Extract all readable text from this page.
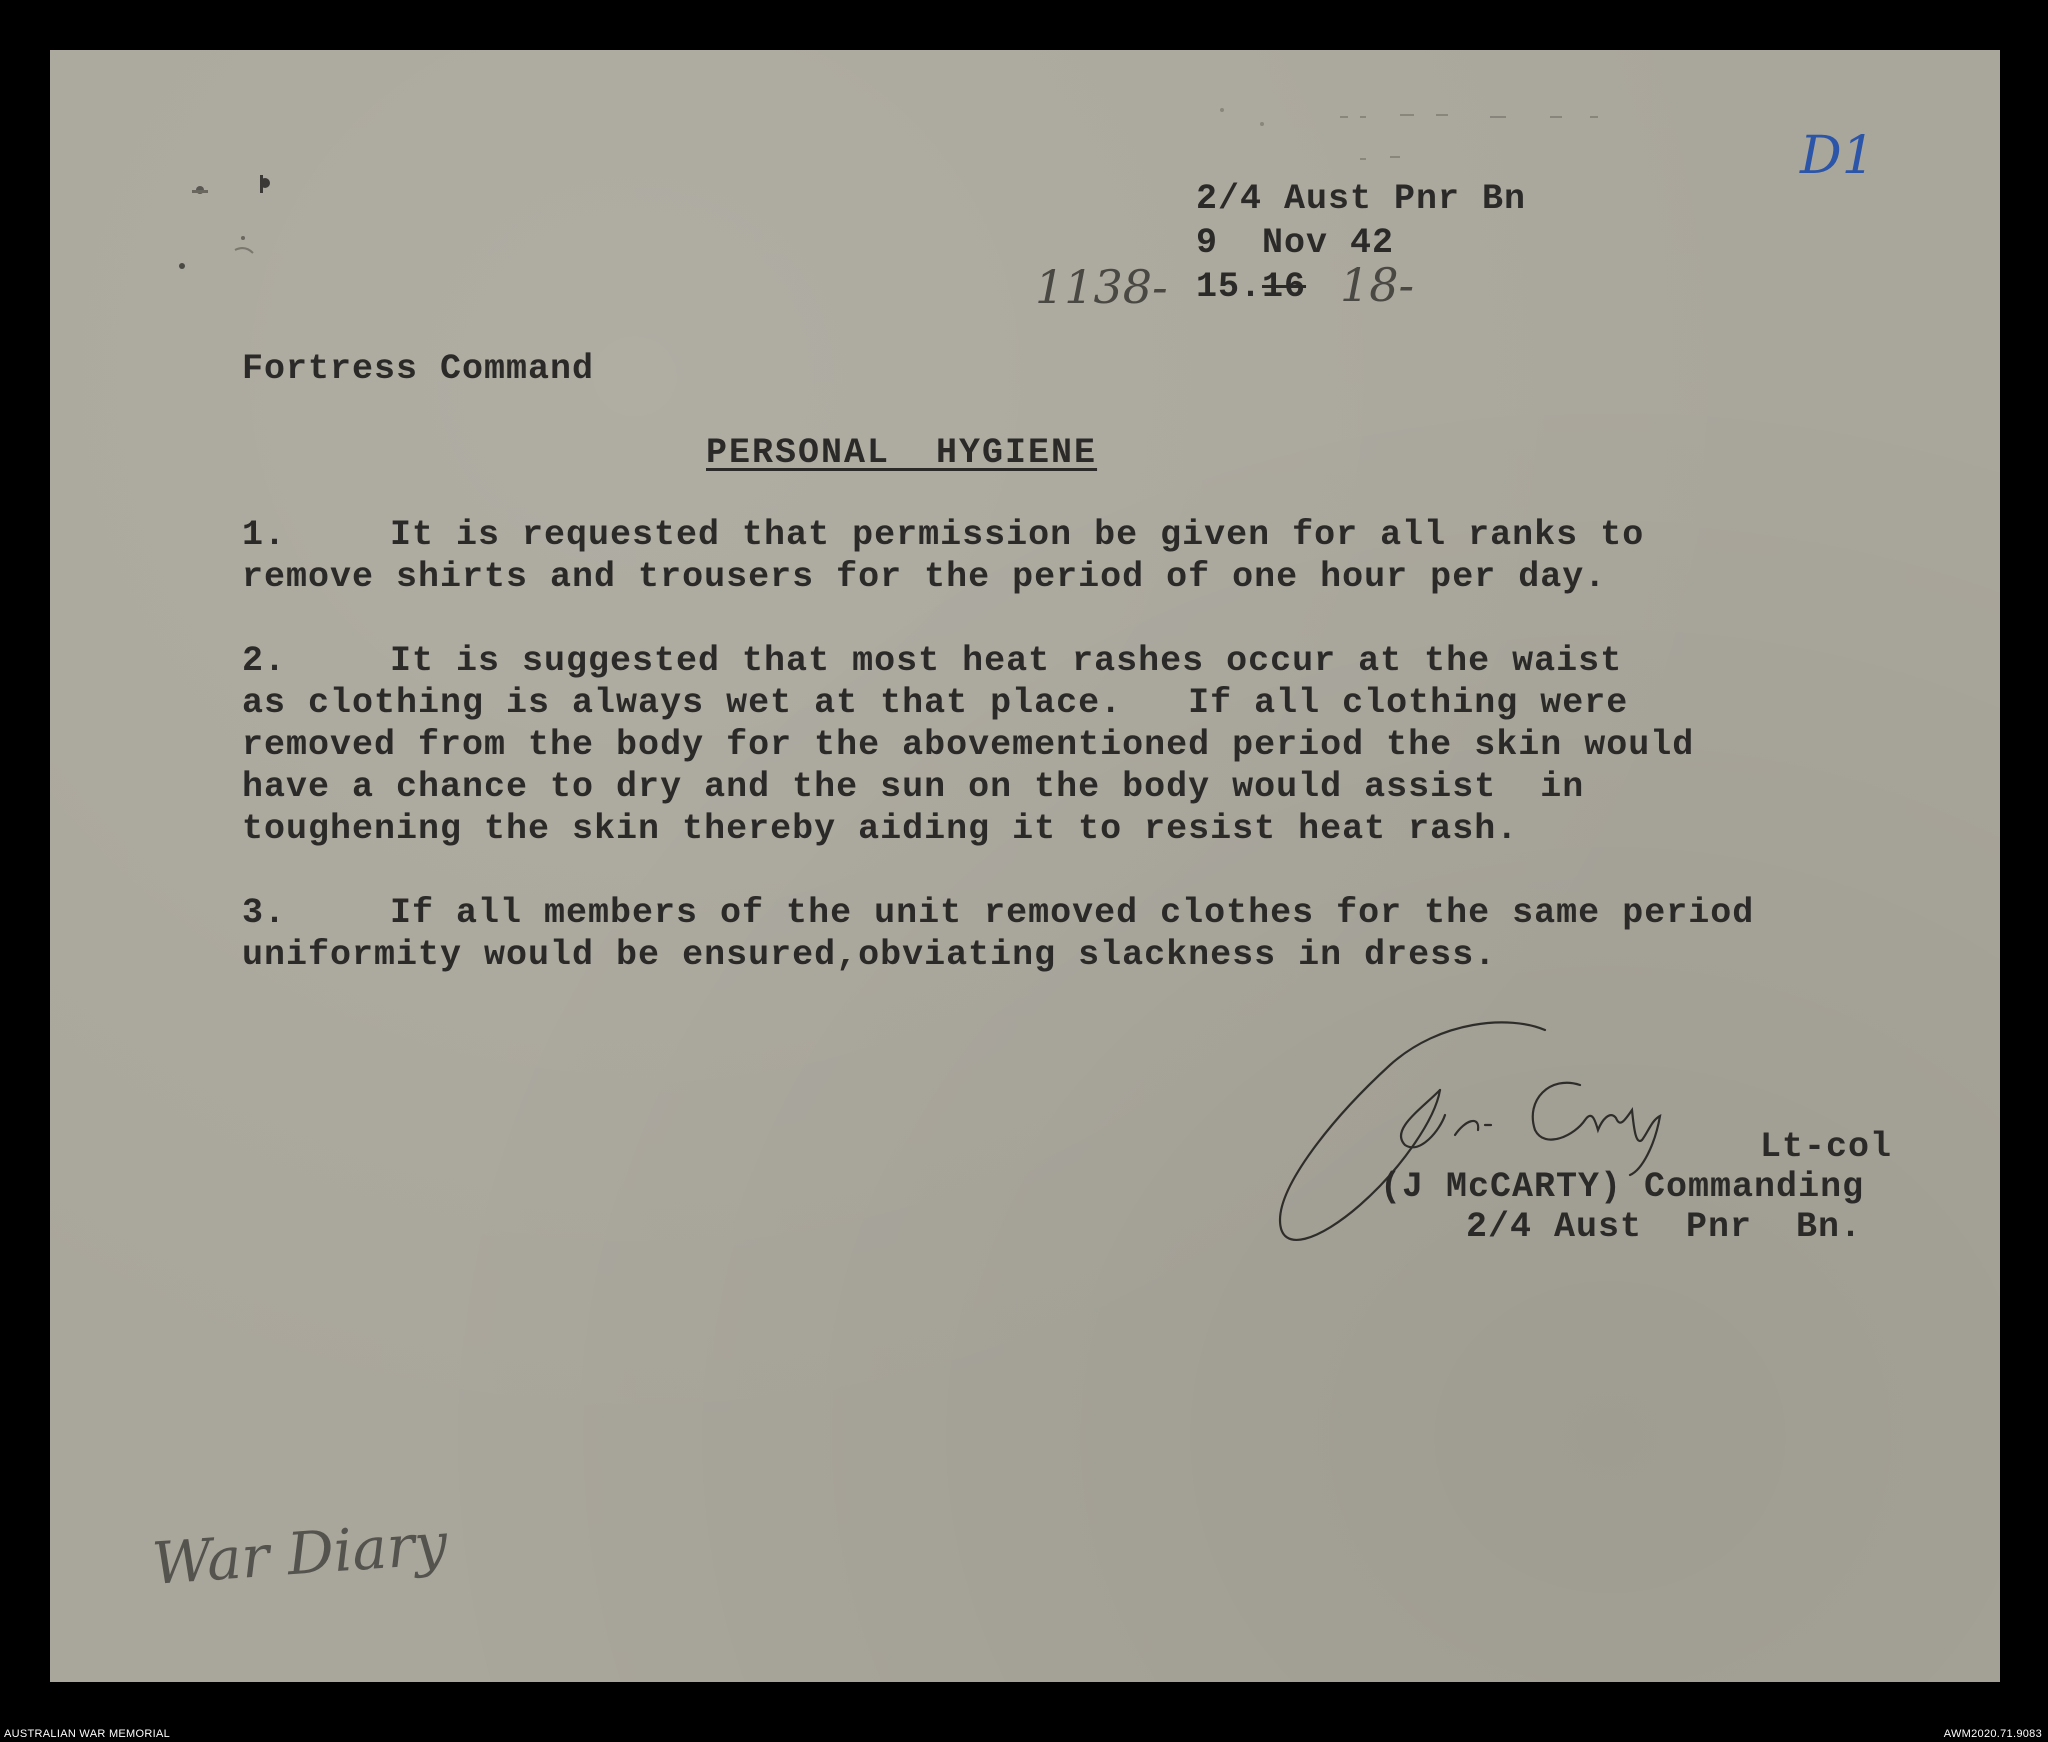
D1
2/4 Aust Pnr Bn
9  Nov 42
1138- 15.16 18-
Fortress Command
PERSONAL  HYGIENE
1.	It is requested that permission be given for all ranks to
remove shirts and trousers for the period of one hour per day.
2.	It is suggested that most heat rashes occur at the waist
as clothing is always wet at that place.   If all clothing were
removed from the body for the abovementioned period the skin would
have a chance to dry and the sun on the body would assist  in
toughening the skin thereby aiding it to resist heat rash.
3.	If all members of the unit removed clothes for the same period
uniformity would be ensured,obviating slackness in dress.
Lt-col
(J McCARTY) Commanding
2/4 Aust  Pnr  Bn.
War Diary
AUSTRALIAN WAR MEMORIAL	AWM2020.71.9083
